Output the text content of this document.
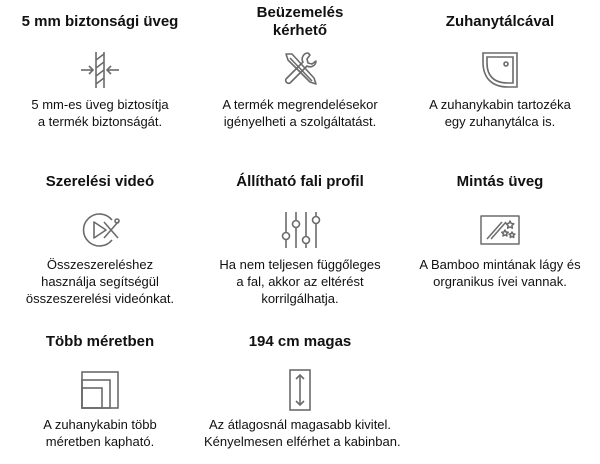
5 mm biztonsági üveg
5 mm-es üveg biztosítja
a termék biztonságát.
Beüzemelés
kérhető
A termék megrendelésekor
igényelheti a szolgáltatást.
Zuhanytálcával
A zuhanykabin tartozéka
egy zuhanytálca is.
Szerelési videó
Összeszereléshez
használja segítségül
összeszerelési videónkat.
Állítható fali profil
Ha nem teljesen függőleges
a fal, akkor az eltérést
korrilgálhatja.
Mintás üveg
A Bamboo mintának lágy és
orgranikus ívei vannak.
Több méretben
A zuhanykabin több
méretben kapható.
194 cm magas
Az átlagosnál magasabb kivitel.
Kényelmesen elférhet a kabinban.
